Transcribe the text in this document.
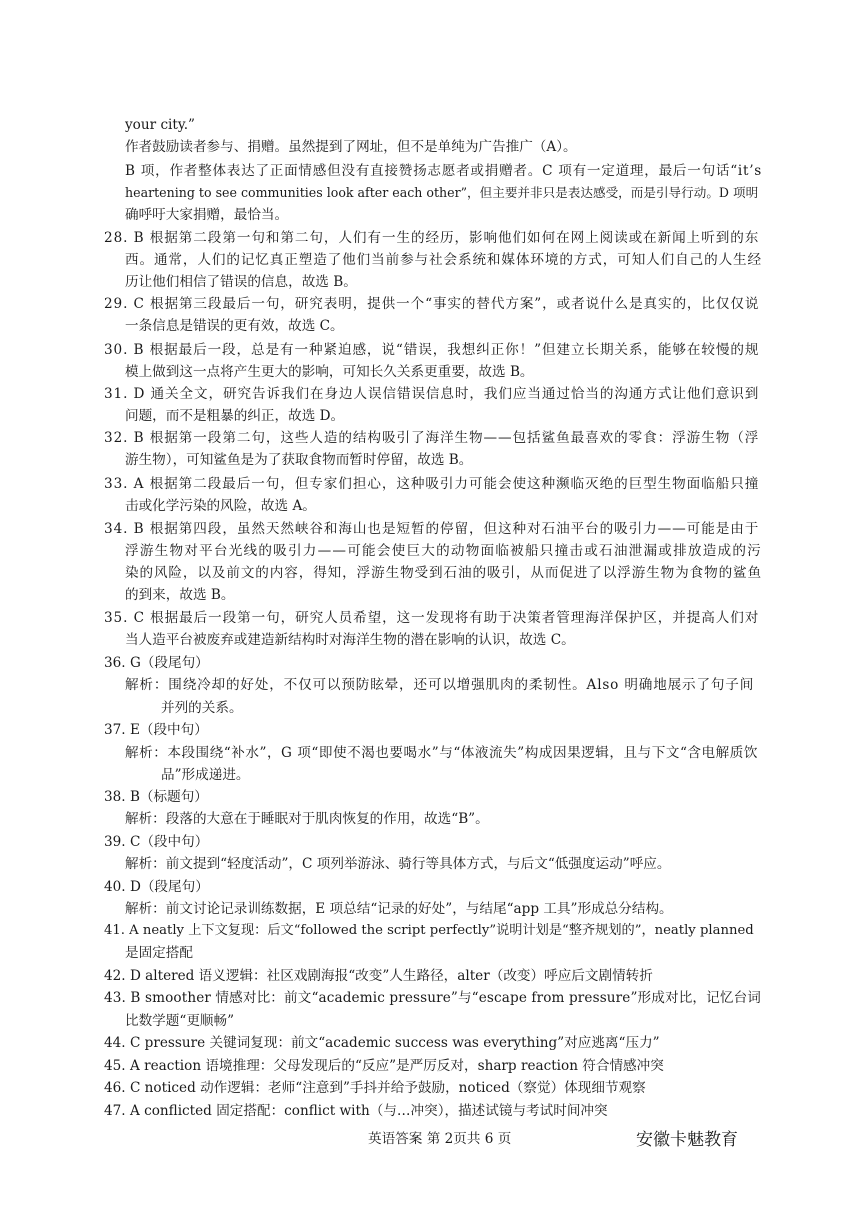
your city.”
作者鼓励读者参与、捐赠。虽然提到了网址，但不是单纯为广告推广（A）。
B 项，作者整体表达了正面情感但没有直接赞扬志愿者或捐赠者。C 项有一定道理，最后一句话“it’s
heartening to see communities look after each other”，但主要并非只是表达感受，而是引导行动。D 项明
确呼吁大家捐赠，最恰当。
28. B 根据第二段第一句和第二句，人们有一生的经历，影响他们如何在网上阅读或在新闻上听到的东
西。通常，人们的记忆真正塑造了他们当前参与社会系统和媒体环境的方式，可知人们自己的人生经
历让他们相信了错误的信息，故选 B。
29. C 根据第三段最后一句，研究表明，提供一个“事实的替代方案”，或者说什么是真实的，比仅仅说
一条信息是错误的更有效，故选 C。
30. B 根据最后一段，总是有一种紧迫感，说“错误，我想纠正你！”但建立长期关系，能够在较慢的规
模上做到这一点将产生更大的影响，可知长久关系更重要，故选 B。
31. D 通关全文，研究告诉我们在身边人误信错误信息时，我们应当通过恰当的沟通方式让他们意识到
问题，而不是粗暴的纠正，故选 D。
32. B 根据第一段第二句，这些人造的结构吸引了海洋生物——包括鲨鱼最喜欢的零食：浮游生物（浮
游生物），可知鲨鱼是为了获取食物而暂时停留，故选 B。
33. A 根据第二段最后一句，但专家们担心，这种吸引力可能会使这种濒临灭绝的巨型生物面临船只撞
击或化学污染的风险，故选 A。
34. B 根据第四段，虽然天然峡谷和海山也是短暂的停留，但这种对石油平台的吸引力——可能是由于
浮游生物对平台光线的吸引力——可能会使巨大的动物面临被船只撞击或石油泄漏或排放造成的污
染的风险，以及前文的内容，得知，浮游生物受到石油的吸引，从而促进了以浮游生物为食物的鲨鱼
的到来，故选 B。
35. C 根据最后一段第一句，研究人员希望，这一发现将有助于决策者管理海洋保护区，并提高人们对
当人造平台被废弃或建造新结构时对海洋生物的潜在影响的认识，故选 C。
36. G（段尾句）
解析：围绕冷却的好处，不仅可以预防眩晕，还可以增强肌肉的柔韧性。Also 明确地展示了句子间
并列的关系。
37. E（段中句）
解析：本段围绕“补水”，G 项“即使不渴也要喝水”与“体液流失”构成因果逻辑，且与下文“含电解质饮
品”形成递进。
38. B（标题句）
解析：段落的大意在于睡眠对于肌肉恢复的作用，故选“B”。
39. C（段中句）
解析：前文提到“轻度活动”，C 项列举游泳、骑行等具体方式，与后文“低强度运动”呼应。
40. D（段尾句）
解析：前文讨论记录训练数据，E 项总结“记录的好处”，与结尾“app 工具”形成总分结构。
41. A neatly 上下文复现：后文“followed the script perfectly”说明计划是“整齐规划的”，neatly planned
是固定搭配
42. D altered 语义逻辑：社区戏剧海报“改变”人生路径，alter（改变）呼应后文剧情转折
43. B smoother 情感对比：前文“academic pressure”与“escape from pressure”形成对比，记忆台词
比数学题“更顺畅”
44. C pressure 关键词复现：前文“academic success was everything”对应逃离“压力”
45. A reaction 语境推理：父母发现后的“反应”是严厉反对，sharp reaction 符合情感冲突
46. C noticed 动作逻辑：老师“注意到”手抖并给予鼓励，noticed（察觉）体现细节观察
47. A conflicted 固定搭配：conflict with（与…冲突），描述试镜与考试时间冲突
英语答案 第 2页共 6 页	安徽卡魅教育
